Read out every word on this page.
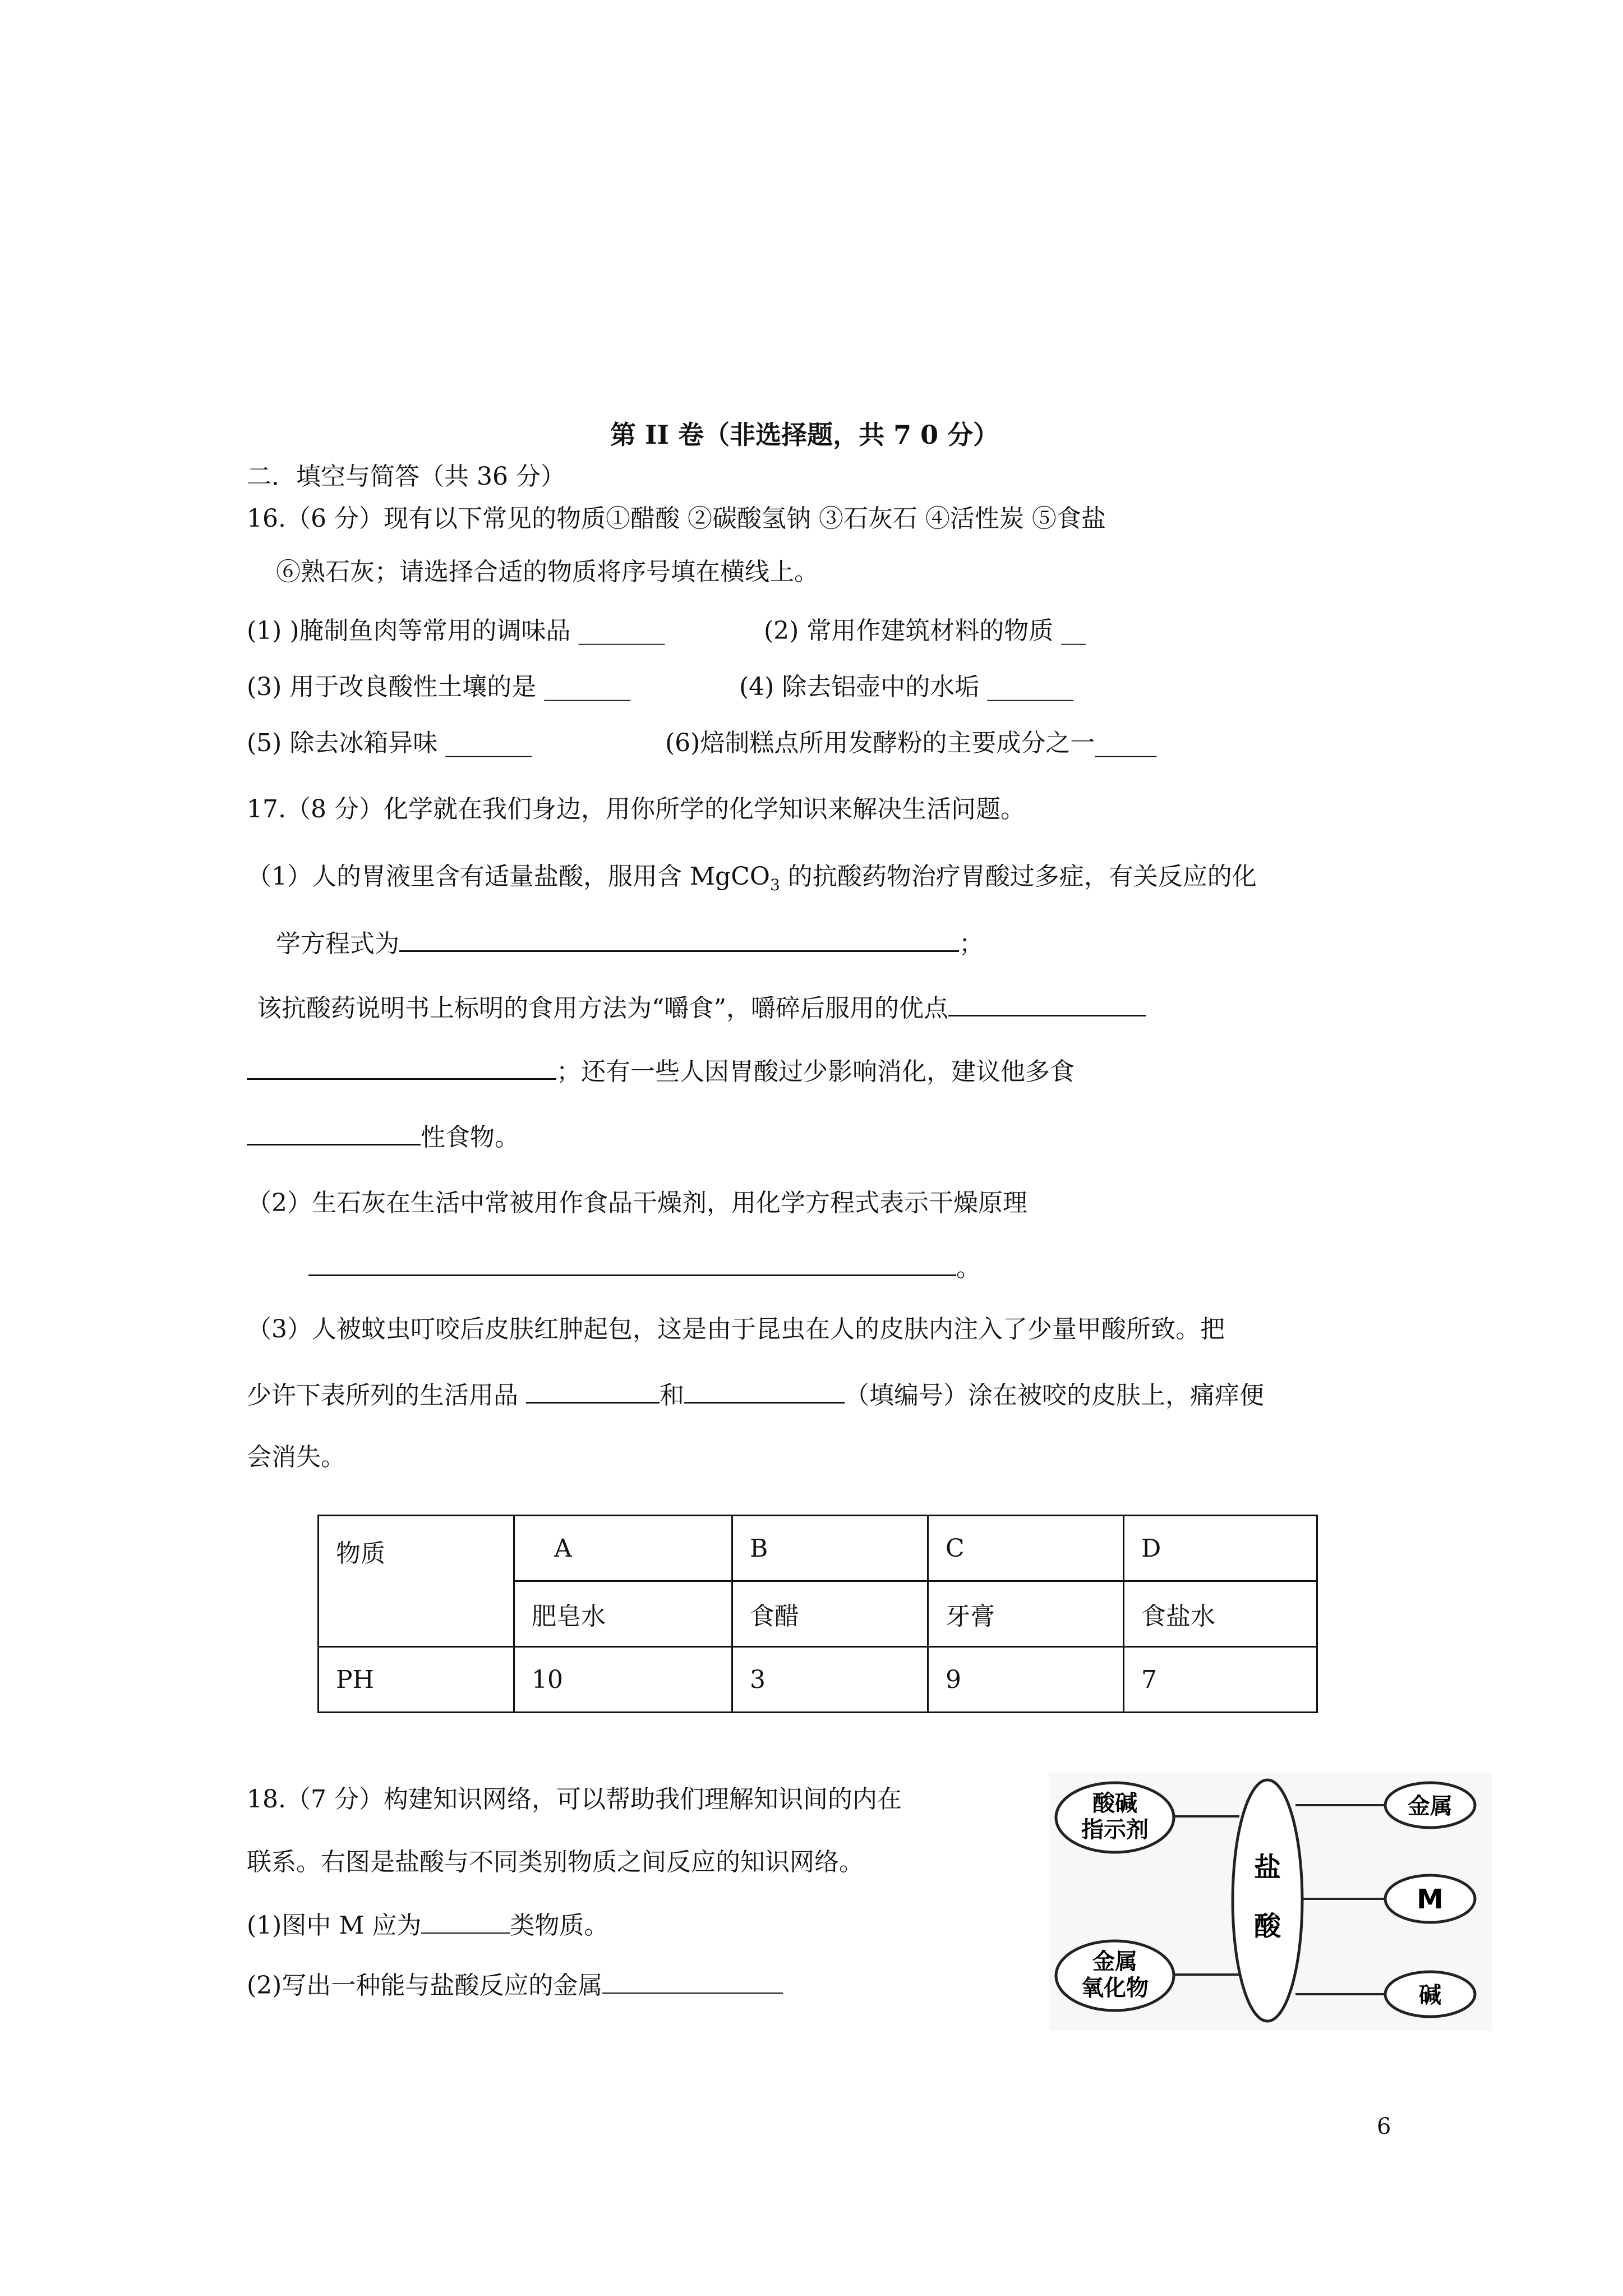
第 II 卷（非选择题，共 7 0 分）
二．填空与简答（共 36 分）
16.（6 分）现有以下常见的物质①醋酸 ②碳酸氢钠 ③石灰石 ④活性炭 ⑤食盐
⑥熟石灰；请选择合适的物质将序号填在横线上。
(1) )腌制鱼肉等常用的调味品 _______	(2) 常用作建筑材料的物质 __
(3) 用于改良酸性土壤的是 _______	(4) 除去铝壶中的水垢 _______
(5) 除去冰箱异味 _______	(6)焙制糕点所用发酵粉的主要成分之一_____
17.（8 分）化学就在我们身边，用你所学的化学知识来解决生活问题。
（1）人的胃液里含有适量盐酸，服用含 MgCO$_3$ 的抗酸药物治疗胃酸过多症，有关反应的化
学方程式为	；
该抗酸药说明书上标明的食用方法为“嚼食”，嚼碎后服用的优点
；还有一些人因胃酸过少影响消化，建议他多食
性食物。
（2）生石灰在生活中常被用作食品干燥剂，用化学方程式表示干燥原理
。
（3）人被蚊虫叮咬后皮肤红肿起包，这是由于昆虫在人的皮肤内注入了少量甲酸所致。把
少许下表所列的生活用品	和	（填编号）涂在被咬的皮肤上，痛痒便
会消失。
物质	A	B	C	D
	肥皂水	食醋	牙膏	食盐水
PH	10	3	9	7
18.（7 分）构建知识网络，可以帮助我们理解知识间的内在
联系。右图是盐酸与不同类别物质之间反应的知识网络。
(1)图中 M 应为	类物质。
(2)写出一种能与盐酸反应的金属
盐
酸
酸碱
指示剂
金属
氧化物
金属
M
碱
6
